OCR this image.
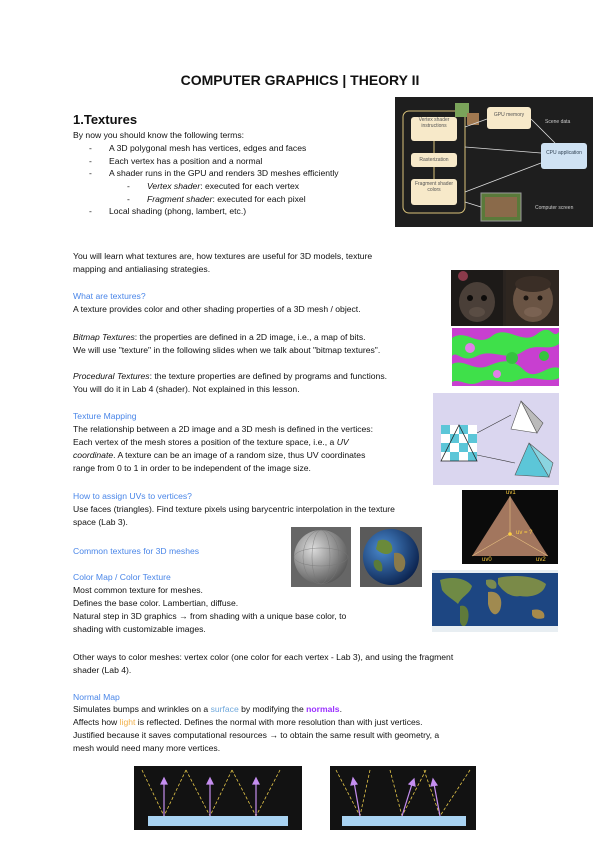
COMPUTER GRAPHICS | THEORY II
1.Textures
By now you should know the following terms:
- A 3D polygonal mesh has vertices, edges and faces
- Each vertex has a position and a normal
- A shader runs in the GPU and renders 3D meshes efficiently
- Vertex shader: executed for each vertex
- Fragment shader: executed for each pixel
- Local shading (phong, lambert, etc.)
Vertex shader instructions
Rasterization
Fragment shader colors
GPU memory
CPU application
Scene data
Computer screen
You will learn what textures are, how textures are useful for 3D models, texture
mapping and antialiasing strategies.
What are textures?
A texture provides color and other shading properties of a 3D mesh / object.
Bitmap Textures: the properties are defined in a 2D image, i.e., a map of bits.
We will use "texture" in the following slides when we talk about "bitmap textures".
Procedural Textures: the texture properties are defined by programs and functions.
You will do it in Lab 4 (shader). Not explained in this lesson.
Texture Mapping
The relationship between a 2D image and a 3D mesh is defined in the vertices:
Each vertex of the mesh stores a position of the texture space, i.e., a UV
coordinate. A texture can be an image of a random size, thus UV coordinates
range from 0 to 1 in order to be independent of the image size.
How to assign UVs to vertices?
Use faces (triangles). Find texture pixels using barycentric interpolation in the texture
space (Lab 3).
uv1
uv = ?
uv0	uv2
Common textures for 3D meshes
Color Map / Color Texture
Most common texture for meshes.
Defines the base color. Lambertian, diffuse.
Natural step in 3D graphics → from shading with a unique base color, to
shading with customizable images.
Other ways to color meshes: vertex color (one color for each vertex - Lab 3), and using the fragment
shader (Lab 4).
Normal Map
Simulates bumps and wrinkles on a surface by modifying the normals.
Affects how light is reflected. Defines the normal with more resolution than with just vertices.
Justified because it saves computational resources → to obtain the same result with geometry, a
mesh would need many more vertices.
